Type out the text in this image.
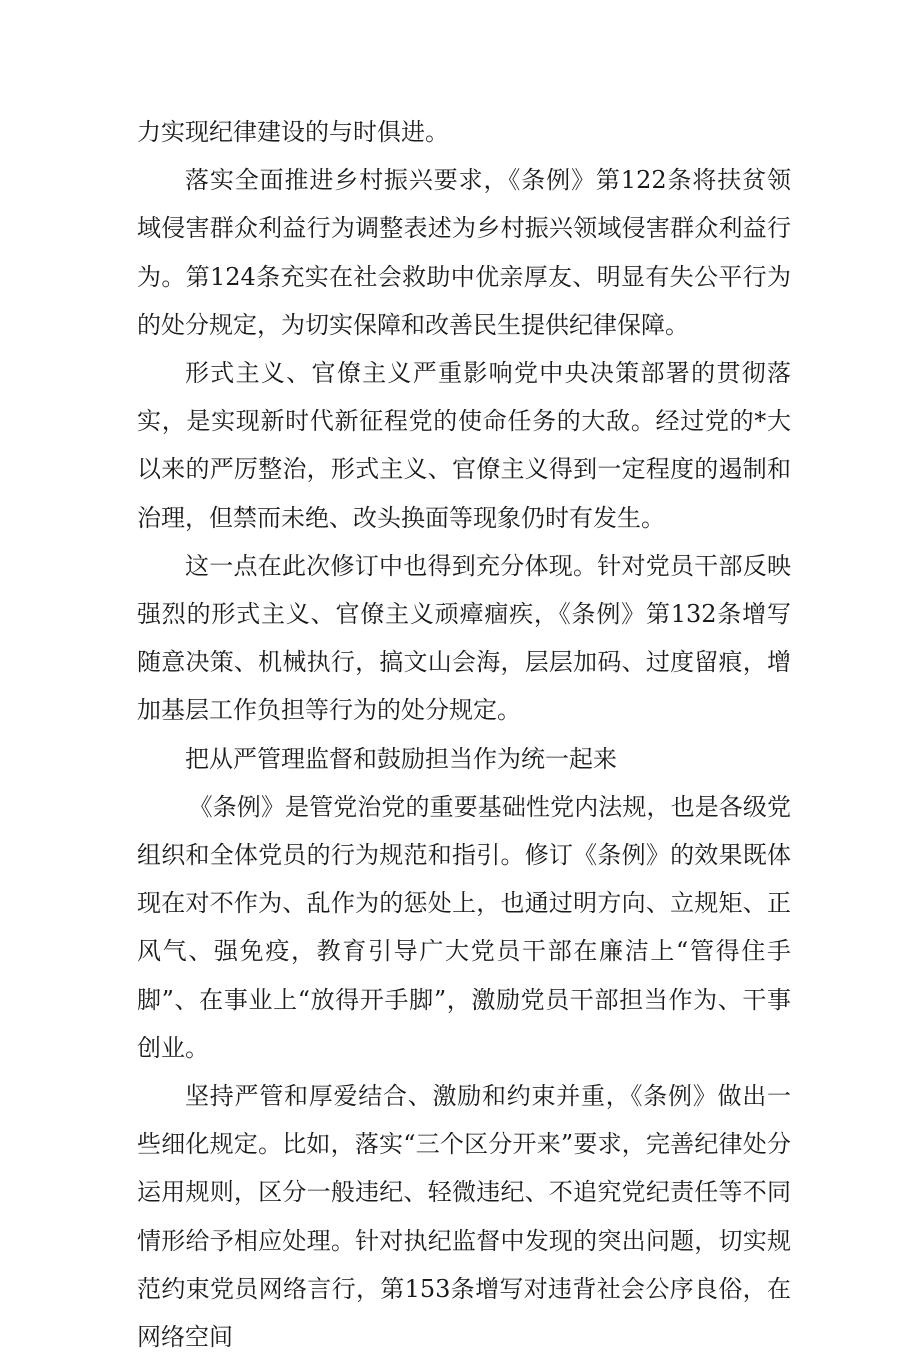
力实现纪律建设的与时俱进。

落实全面推进乡村振兴要求，《条例》第122条将扶贫领域侵害群众利益行为调整表述为乡村振兴领域侵害群众利益行为。第124条充实在社会救助中优亲厚友、明显有失公平行为的处分规定，为切实保障和改善民生提供纪律保障。

形式主义、官僚主义严重影响党中央决策部署的贯彻落实，是实现新时代新征程党的使命任务的大敌。经过党的*大以来的严厉整治，形式主义、官僚主义得到一定程度的遏制和治理，但禁而未绝、改头换面等现象仍时有发生。

这一点在此次修订中也得到充分体现。针对党员干部反映强烈的形式主义、官僚主义顽瘴痼疾，《条例》第132条增写随意决策、机械执行，搞文山会海，层层加码、过度留痕，增加基层工作负担等行为的处分规定。

把从严管理监督和鼓励担当作为统一起来

《条例》是管党治党的重要基础性党内法规，也是各级党组织和全体党员的行为规范和指引。修订《条例》的效果既体现在对不作为、乱作为的惩处上，也通过明方向、立规矩、正风气、强免疫，教育引导广大党员干部在廉洁上“管得住手脚”、在事业上“放得开手脚”，激励党员干部担当作为、干事创业。

坚持严管和厚爱结合、激励和约束并重，《条例》做出一些细化规定。比如，落实“三个区分开来”要求，完善纪律处分运用规则，区分一般违纪、轻微违纪、不追究党纪责任等不同情形给予相应处理。针对执纪监督中发现的突出问题，切实规范约束党员网络言行，第153条增写对违背社会公序良俗，在网络空间
